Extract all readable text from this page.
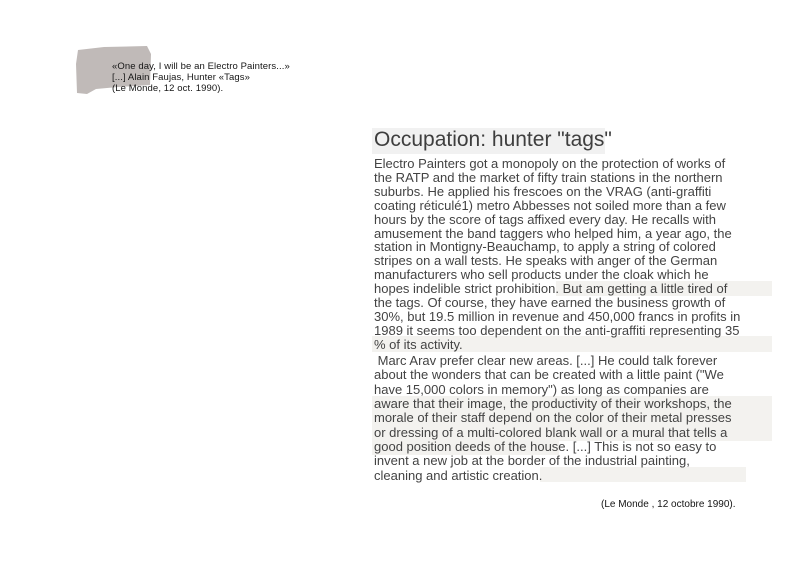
«One day, I will be an Electro Painters...»
[...] Alain Faujas, Hunter «Tags»
(Le Monde, 12 oct. 1990).
Occupation: hunter "tags"
Electro Painters got a monopoly on the protection of works of
the RATP and the market of fifty train stations in the northern
suburbs. He applied his frescoes on the VRAG (anti-graffiti
coating réticulé1) metro Abbesses not soiled more than a few
hours by the score of tags affixed every day. He recalls with
amusement the band taggers who helped him, a year ago, the
station in Montigny-Beauchamp, to apply a string of colored
stripes on a wall tests. He speaks with anger of the German
manufacturers who sell products under the cloak which he
hopes indelible strict prohibition. But am getting a little tired of
the tags. Of course, they have earned the business growth of
30%, but 19.5 million in revenue and 450,000 francs in profits in
1989 it seems too dependent on the anti-graffiti representing 35
% of its activity.
Marc Arav prefer clear new areas. [...] He could talk forever
about the wonders that can be created with a little paint ("We
have 15,000 colors in memory") as long as companies are
aware that their image, the productivity of their workshops, the
morale of their staff depend on the color of their metal presses
or dressing of a multi-colored blank wall or a mural that tells a
good position deeds of the house. [...] This is not so easy to
invent a new job at the border of the industrial painting,
cleaning and artistic creation.
(Le Monde , 12 octobre 1990).
